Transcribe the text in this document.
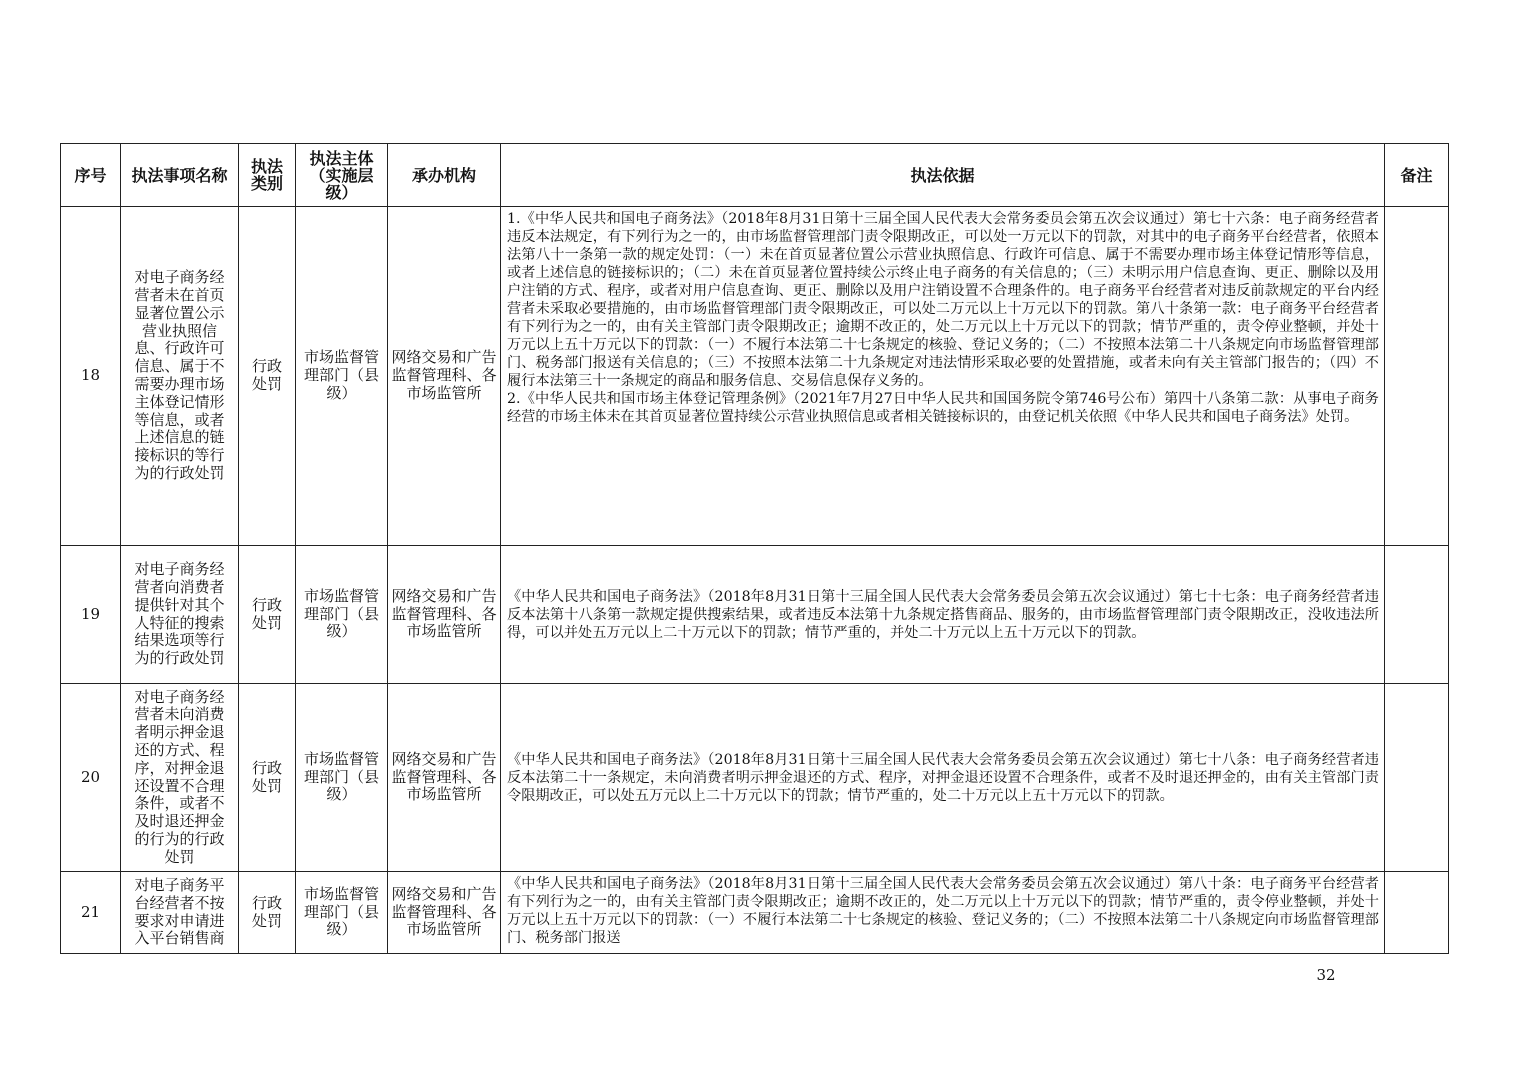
序号	执法事项名称	执法类别	执法主体（实施层级）	承办机构	执法依据	备注
18	对电子商务经营者未在首页显著位置公示营业执照信息、行政许可信息、属于不需要办理市场主体登记情形等信息，或者上述信息的链接标识的等行为的行政处罚	行政处罚	市场监督管理部门（县级）	网络交易和广告监督管理科、各市场监管所	1.《中华人民共和国电子商务法》（2018年8月31日第十三届全国人民代表大会常务委员会第五次会议通过）第七十六条：电子商务经营者违反本法规定，有下列行为之一的，由市场监督管理部门责令限期改正，可以处一万元以下的罚款，对其中的电子商务平台经营者，依照本法第八十一条第一款的规定处罚：（一）未在首页显著位置公示营业执照信息、行政许可信息、属于不需要办理市场主体登记情形等信息，或者上述信息的链接标识的；（二）未在首页显著位置持续公示终止电子商务的有关信息的；（三）未明示用户信息查询、更正、删除以及用户注销的方式、程序，或者对用户信息查询、更正、删除以及用户注销设置不合理条件的。电子商务平台经营者对违反前款规定的平台内经营者未采取必要措施的，由市场监督管理部门责令限期改正，可以处二万元以上十万元以下的罚款。第八十条第一款：电子商务平台经营者有下列行为之一的，由有关主管部门责令限期改正；逾期不改正的，处二万元以上十万元以下的罚款；情节严重的，责令停业整顿，并处十万元以上五十万元以下的罚款：（一）不履行本法第二十七条规定的核验、登记义务的；（二）不按照本法第二十八条规定向市场监督管理部门、税务部门报送有关信息的；（三）不按照本法第二十九条规定对违法情形采取必要的处置措施，或者未向有关主管部门报告的；（四）不履行本法第三十一条规定的商品和服务信息、交易信息保存义务的。
2.《中华人民共和国市场主体登记管理条例》（2021年7月27日中华人民共和国国务院令第746号公布）第四十八条第二款：从事电子商务经营的市场主体未在其首页显著位置持续公示营业执照信息或者相关链接标识的，由登记机关依照《中华人民共和国电子商务法》处罚。	

19	对电子商务经营者向消费者提供针对其个人特征的搜索结果选项等行为的行政处罚	行政处罚	市场监督管理部门（县级）	网络交易和广告监督管理科、各市场监管所	《中华人民共和国电子商务法》（2018年8月31日第十三届全国人民代表大会常务委员会第五次会议通过）第七十七条：电子商务经营者违反本法第十八条第一款规定提供搜索结果，或者违反本法第十九条规定搭售商品、服务的，由市场监督管理部门责令限期改正，没收违法所得，可以并处五万元以上二十万元以下的罚款；情节严重的，并处二十万元以上五十万元以下的罚款。	

20	对电子商务经营者未向消费者明示押金退还的方式、程序，对押金退还设置不合理条件，或者不及时退还押金的行为的行政处罚	行政处罚	市场监督管理部门（县级）	网络交易和广告监督管理科、各市场监管所	《中华人民共和国电子商务法》（2018年8月31日第十三届全国人民代表大会常务委员会第五次会议通过）第七十八条：电子商务经营者违反本法第二十一条规定，未向消费者明示押金退还的方式、程序，对押金退还设置不合理条件，或者不及时退还押金的，由有关主管部门责令限期改正，可以处五万元以上二十万元以下的罚款；情节严重的，处二十万元以上五十万元以下的罚款。	

21	对电子商务平台经营者不按要求对申请进入平台销售商	行政处罚	市场监督管理部门（县级）	网络交易和广告监督管理科、各市场监管所	《中华人民共和国电子商务法》（2018年8月31日第十三届全国人民代表大会常务委员会第五次会议通过）第八十条：电子商务平台经营者有下列行为之一的，由有关主管部门责令限期改正；逾期不改正的，处二万元以上十万元以下的罚款；情节严重的，责令停业整顿，并处十万元以上五十万元以下的罚款：（一）不履行本法第二十七条规定的核验、登记义务的；（二）不按照本法第二十八条规定向市场监督管理部门、税务部门报送	

32
